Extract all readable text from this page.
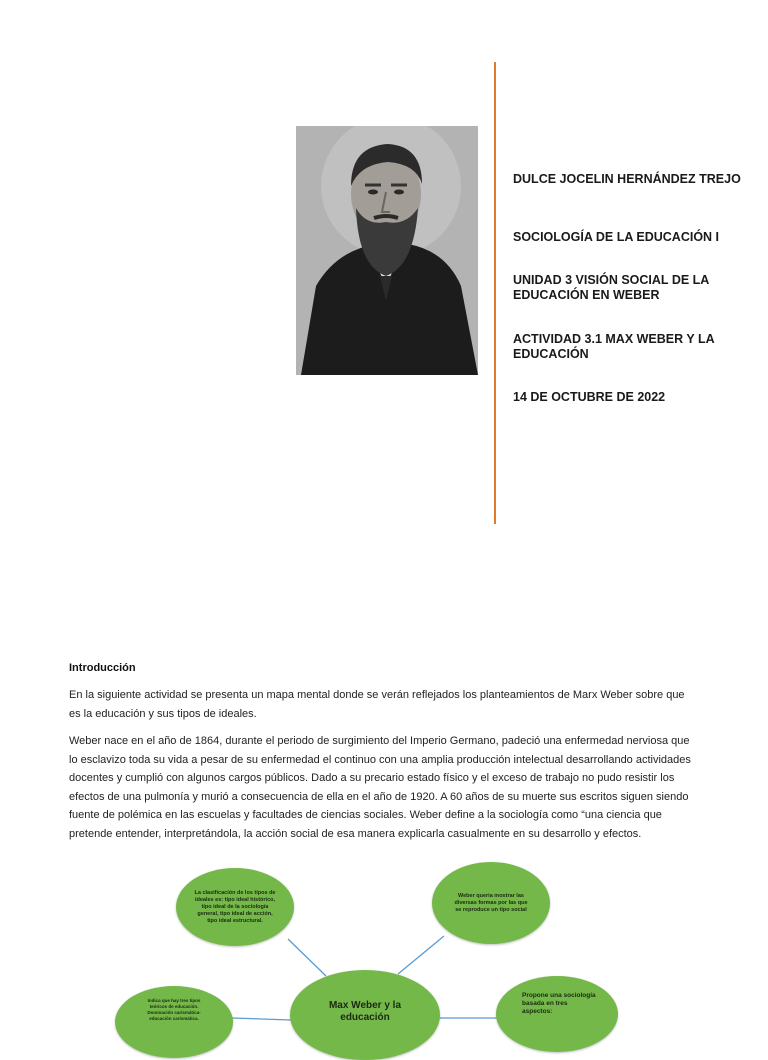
DULCE JOCELIN HERNÁNDEZ TREJO

SOCIOLOGÍA DE LA EDUCACIÓN I

UNIDAD 3 VISIÓN SOCIAL DE LA EDUCACIÓN EN WEBER

ACTIVIDAD 3.1 MAX WEBER Y LA EDUCACIÓN

14 DE OCTUBRE DE 2022

Introducción

En la siguiente actividad se presenta un mapa mental donde se verán reflejados los planteamientos de Marx Weber sobre que es la educación y sus tipos de ideales.

Weber nace en el año de 1864, durante el periodo de surgimiento del Imperio Germano, padeció una enfermedad nerviosa que lo esclavizo toda su vida a pesar de su enfermedad el continuo con una amplia producción intelectual desarrollando actividades docentes y cumplió con algunos cargos públicos. Dado a su precario estado físico y el exceso de trabajo no pudo resistir los efectos de una pulmonía y murió a consecuencia de ella en el año de 1920. A 60 años de su muerte sus escritos siguen siendo fuente de polémica en las escuelas y facultades de ciencias sociales. Weber define a la sociología como “una ciencia que pretende entender, interpretándola, la acción social de esa manera explicarla casualmente en su desarrollo y efectos.

La clasificación de los tipos de ideales es: tipo ideal histórico, tipo ideal de la sociología general, tipo ideal de acción, tipo ideal estructural.
Weber queria mostrar las diversas formas por las que se reproduce un tipo social
Max Weber y la educación
Indica que hay tres tipos teóricos de educación. Dominación carismática- educación carismática.
Propone una sociología basada en tres aspectos:
